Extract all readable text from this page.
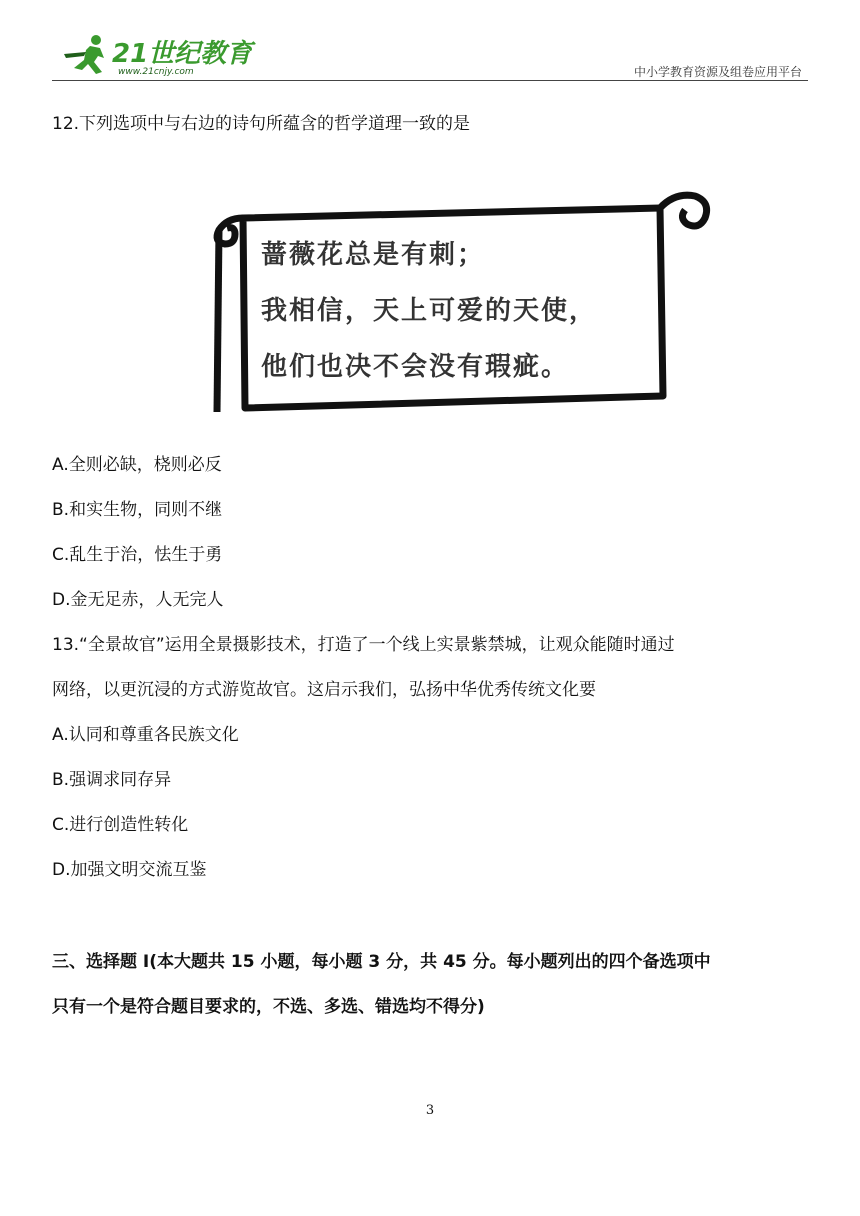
21世纪教育
www.21cnjy.com	中小学教育资源及组卷应用平台
12.下列选项中与右边的诗句所蕴含的哲学道理一致的是
蔷薇花总是有刺；
我相信，天上可爱的天使，
他们也决不会没有瑕疵。
A.全则必缺，桡则必反
B.和实生物，同则不继
C.乱生于治，怯生于勇
D.金无足赤，人无完人
13.“全景故官”运用全景摄影技术，打造了一个线上实景紫禁城，让观众能随时通过
网络，以更沉浸的方式游览故官。这启示我们，弘扬中华优秀传统文化要
A.认同和尊重各民族文化
B.强调求同存异
C.进行创造性转化
D.加强文明交流互鉴
三、选择题 I(本大题共 15 小题，每小题 3 分，共 45 分。每小题列出的四个备选项中
只有一个是符合题目要求的，不选、多选、错选均不得分)
3
